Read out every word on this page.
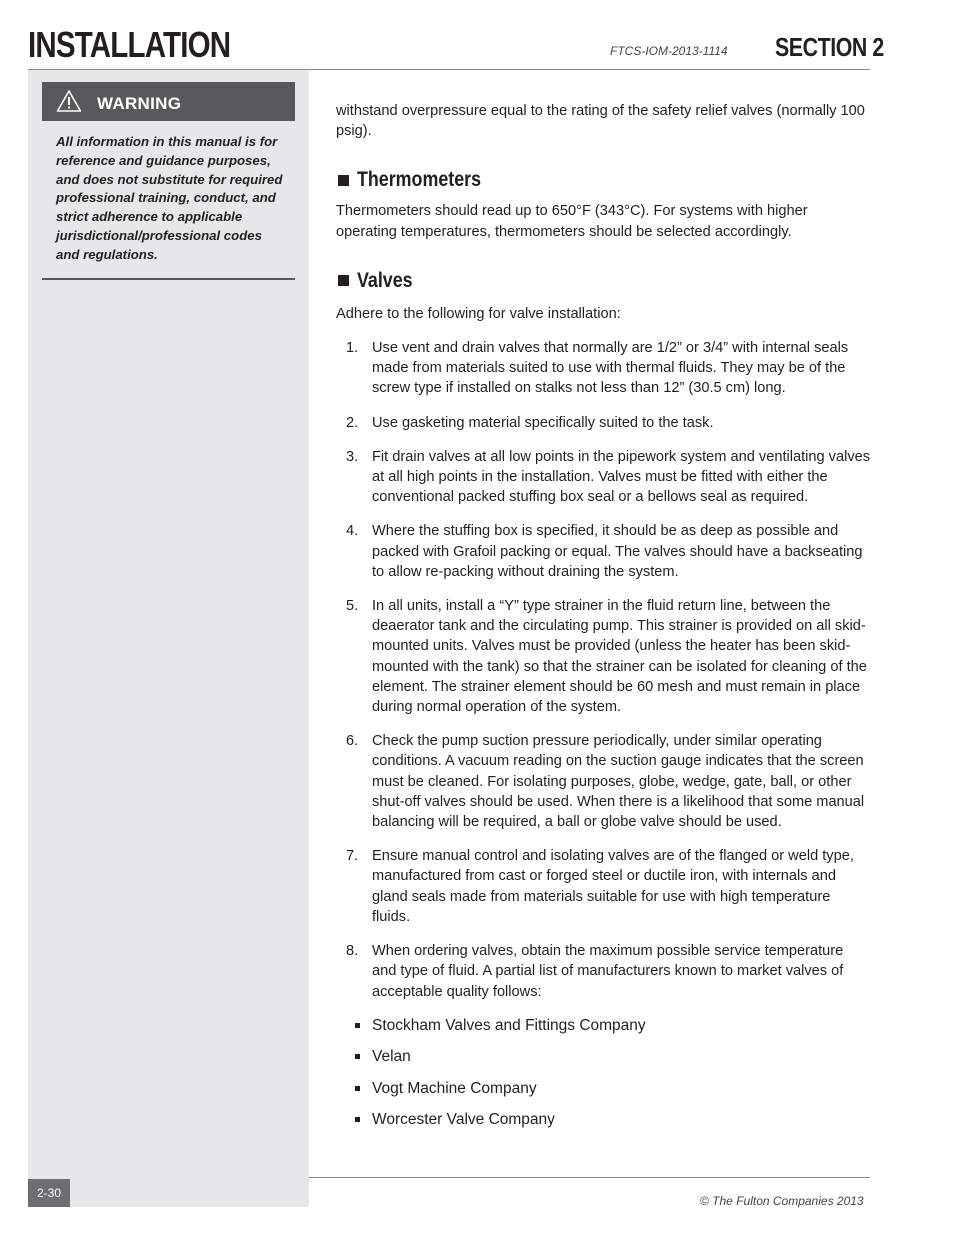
INSTALLATION	FTCS-IOM-2013-1114 SECTION 2
WARNING
All information in this manual is for reference and guidance purposes, and does not substitute for required professional training, conduct, and strict adherence to applicable jurisdictional/professional codes and regulations.

withstand overpressure equal to the rating of the safety relief valves (normally 100 psig).

Thermometers

Thermometers should read up to 650°F (343°C). For systems with higher operating temperatures, thermometers should be selected accordingly.

Valves

Adhere to the following for valve installation:

1. Use vent and drain valves that normally are 1/2” or 3/4” with internal seals made from materials suited to use with thermal fluids. They may be of the screw type if installed on stalks not less than 12” (30.5 cm) long.
2. Use gasketing material specifically suited to the task.
3. Fit drain valves at all low points in the pipework system and ventilating valves at all high points in the installation. Valves must be fitted with either the conventional packed stuffing box seal or a bellows seal as required.
4. Where the stuffing box is specified, it should be as deep as possible and packed with Grafoil packing or equal. The valves should have a backseating to allow re-packing without draining the system.
5. In all units, install a “Y” type strainer in the fluid return line, between the deaerator tank and the circulating pump. This strainer is provided on all skid-mounted units. Valves must be provided (unless the heater has been skid-mounted with the tank) so that the strainer can be isolated for cleaning of the element. The strainer element should be 60 mesh and must remain in place during normal operation of the system.
6. Check the pump suction pressure periodically, under similar operating conditions. A vacuum reading on the suction gauge indicates that the screen must be cleaned. For isolating purposes, globe, wedge, gate, ball, or other shut-off valves should be used. When there is a likelihood that some manual balancing will be required, a ball or globe valve should be used.
7. Ensure manual control and isolating valves are of the flanged or weld type, manufactured from cast or forged steel or ductile iron, with internals and gland seals made from materials suitable for use with high temperature fluids.
8. When ordering valves, obtain the maximum possible service temperature and type of fluid. A partial list of manufacturers known to market valves of acceptable quality follows:
Stockham Valves and Fittings Company
Velan
Vogt Machine Company
Worcester Valve Company
2-30
© The Fulton Companies 2013
